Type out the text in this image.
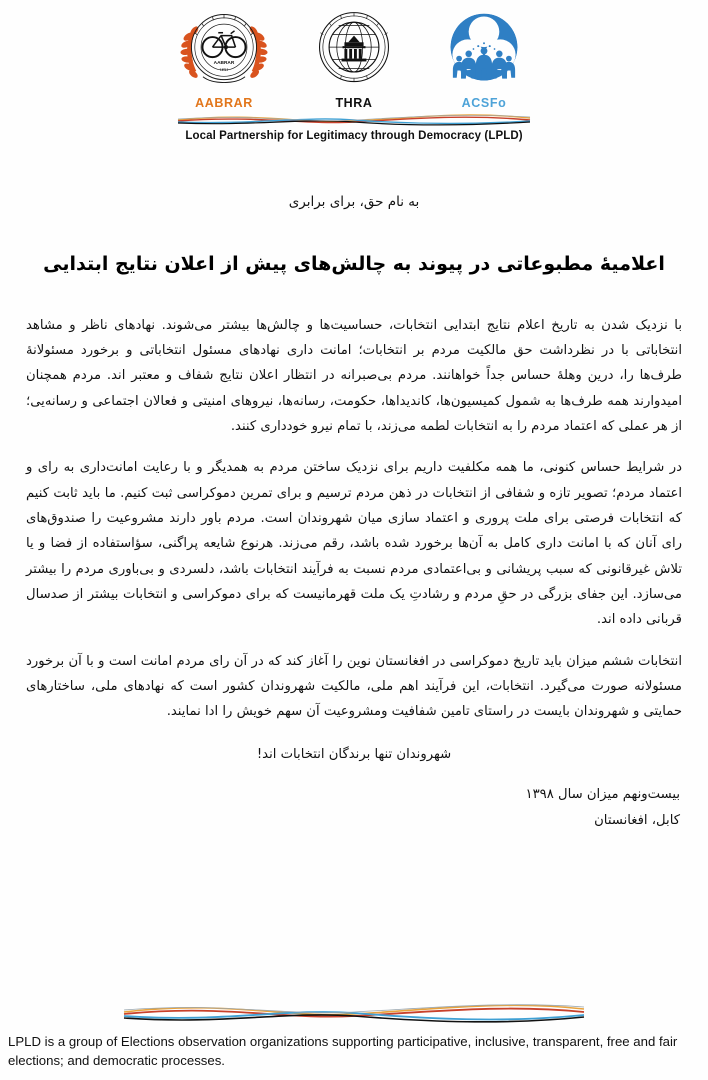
AABRAR
۱۳۷۱
AABRAR	THRA	ACSFo
Local Partnership for Legitimacy through Democracy (LPLD)
به نام حق، برای برابری
اعلامیۀ مطبوعاتی در پیوند به چالش‌های پیش از اعلان نتایج ابتدایی

با نزدیک شدن به تاریخ اعلام نتایج ابتدایی انتخابات، حساسیت‌ها و چالش‌ها بیشتر می‌شوند. نهادهای ناظر و مشاهد انتخاباتی با در نظرداشت حق مالکیت مردم بر انتخابات؛ امانت داری نهادهای مسئول انتخاباتی و برخورد مسئولانۀ طرف‌ها را، درین وهلۀ حساس جداً خواهانند. مردم بی‌صبرانه در انتظار اعلان نتایج شفاف و معتبر اند. مردم همچنان امیدوارند همه طرف‌ها به شمول کمیسیون‌ها، کاندیداها، حکومت، رسانه‌ها، نیروهای امنیتی و فعالان اجتماعی و رسانه‌یی؛ از هر عملی که اعتماد مردم را به انتخابات لطمه می‌زند، با تمام نیرو خودداری کنند.

در شرایط حساس کنونی، ما همه مکلفیت داریم برای نزدیک ساختن مردم به همدیگر و با رعایت امانت‌داری به رای و اعتماد مردم؛ تصویر تازه و شفافی از انتخابات در ذهن مردم ترسیم و برای تمرین دموکراسی ثبت کنیم. ما باید ثابت کنیم که انتخابات فرصتی برای ملت پروری و اعتماد سازی میان شهروندان است. مردم باور دارند مشروعیت را صندوق‌های رای آنان که با امانت داری کامل به آن‌ها برخورد شده باشد، رقم می‌زند. هرنوع شایعه پراگنی، سؤاستفاده از فضا و یا تلاش غیرقانونی که سبب پریشانی و بی‌اعتمادی مردم نسبت به فرآیند انتخابات باشد، دلسردی و بی‌باوری مردم را بیشتر می‌سازد. این جفای بزرگی در حقِ مردم و رشادتِ یک ملت قهرمانیست که برای دموکراسی و انتخابات بیشتر از صدسال قربانی داده اند.

انتخابات ششم میزان باید تاریخ دموکراسی در افغانستان نوین را آغاز کند که در آن رای مردم امانت است و با آن برخورد مسئولانه صورت می‌گیرد. انتخابات، این فرآیند اهم ملی، مالکیت شهروندان کشور است که نهادهای ملی، ساختارهای حمایتی و شهروندان بایست در راستای تامین شفافیت ومشروعیت آن سهم خویش را ادا نمایند.

شهروندان تنها برندگان انتخابات اند!
بیست‌ونهم میزان سال ۱۳۹۸
کابل، افغانستان
LPLD is a group of Elections observation organizations supporting participative, inclusive, transparent, free and fair elections; and democratic processes.
